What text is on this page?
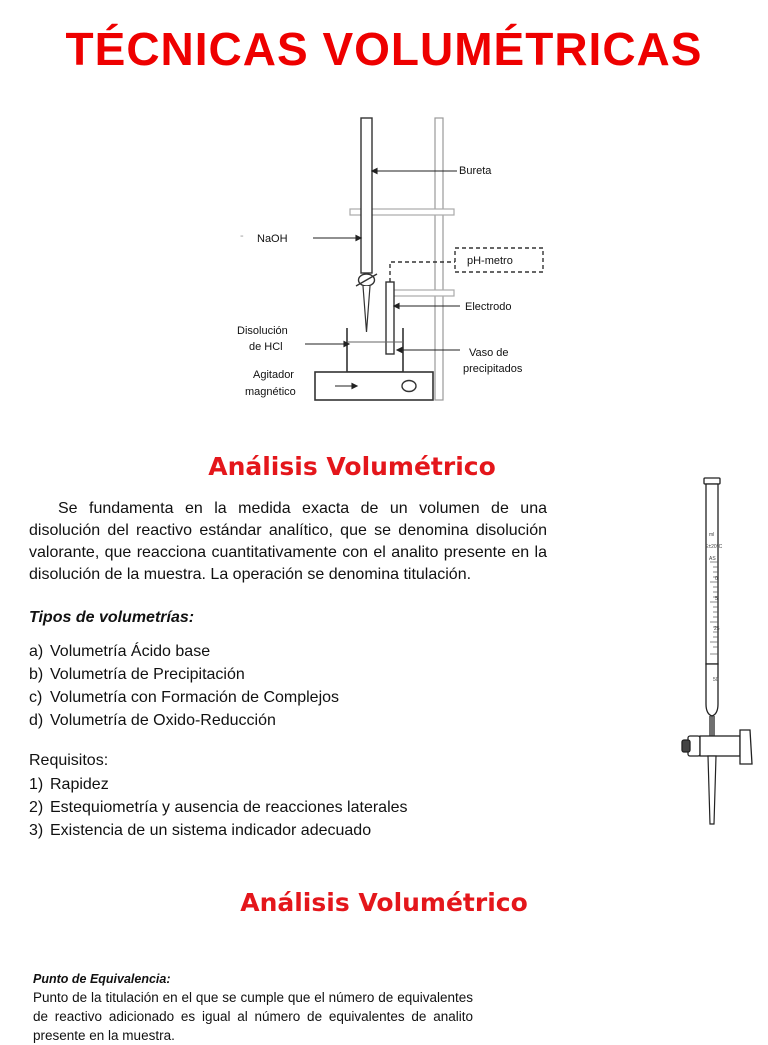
TÉCNICAS VOLUMÉTRICAS
-
Bureta
NaOH
pH-metro
Electrodo
Disolución
de HCl	Vaso de
precipitados
Agitador
magnético
Análisis Volumétrico

Se fundamenta en la medida exacta de un volumen de una disolución del reactivo estándar analítico, que se denomina disolución valorante, que reacciona cuantitativamente con el analito presente en la disolución de la muestra. La operación se denomina titulación.

Tipos de volumetrías:

a) Volumetría Ácido base
b) Volumetría de Precipitación
c) Volumetría con Formación de Complejos
d) Volumetría de Oxido-Reducción

Requisitos:

1) Rapidez
2) Estequiometría y ausencia de reacciones laterales
3) Existencia de un sistema indicador adecuado
ml
E±20°C
AS
0
5
25
50
Análisis Volumétrico

Punto de Equivalencia:

Punto de la titulación en el que se cumple que el número de equivalentes de reactivo adicionado es igual al número de equivalentes de analito presente en la muestra.
